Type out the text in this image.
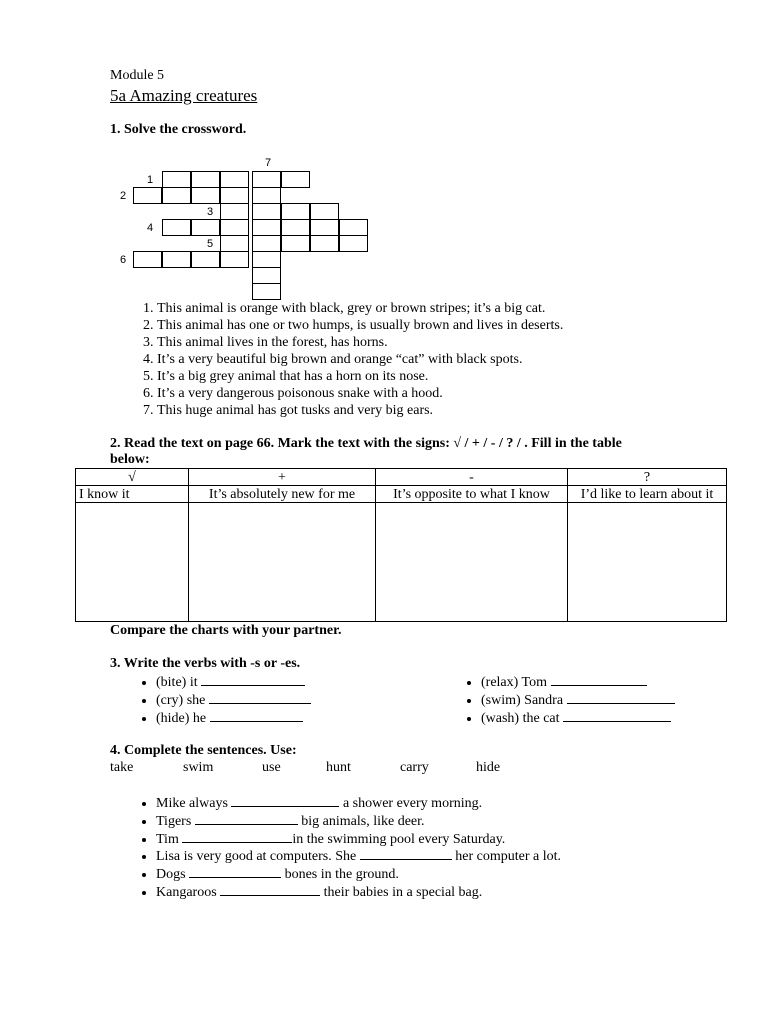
Module 5
5a Amazing creatures
1. Solve the crossword.
7
1
2
3
4
5
6
1. This animal is orange with black, grey or brown stripes; it’s a big cat.
2. This animal has one or two humps, is usually brown and lives in deserts.
3. This animal lives in the forest, has horns.
4. It’s a very beautiful big brown and orange “cat” with black spots.
5. It’s a big grey animal that has a horn on its nose.
6. It’s a very dangerous poisonous snake with a hood.
7. This huge animal has got tusks and very big ears.
2. Read the text on page 66. Mark the text with the signs: √ / + / - / ? / . Fill in the table
below:
√	+	-	?
I know it	It’s absolutely new for me	It’s opposite to what I know	I’d like to learn about it

Compare the charts with your partner.
3. Write the verbs with -s or -es.
• (bite) it
• (cry) she
• (hide) he
• (relax) Tom
• (swim) Sandra
• (wash) the cat
4. Complete the sentences. Use:
take	swim	use	hunt	carry	hide
• Mike always	a shower every morning.
• Tigers	big animals, like deer.
• Tim	in the swimming pool every Saturday.
• Lisa is very good at computers. She	her computer a lot.
• Dogs	bones in the ground.
• Kangaroos	their babies in a special bag.
